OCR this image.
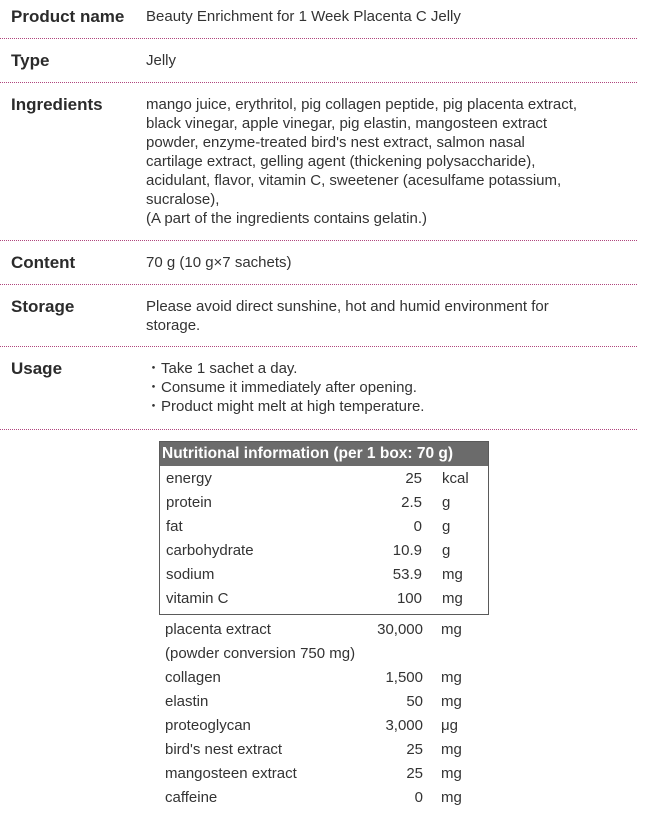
Product name	Beauty Enrichment for 1 Week Placenta C Jelly
Type	Jelly
Ingredients	mango juice, erythritol, pig collagen peptide, pig placenta extract,
black vinegar, apple vinegar, pig elastin, mangosteen extract
powder, enzyme-treated bird's nest extract, salmon nasal
cartilage extract, gelling agent (thickening polysaccharide),
acidulant, flavor, vitamin C, sweetener (acesulfame potassium,
sucralose),
(A part of the ingredients contains gelatin.)
Content	70 g (10 g×7 sachets)
Storage	Please avoid direct sunshine, hot and humid environment for
storage.
Usage
・	Take 1 sachet a day.
・ Consume it immediately after opening.
・ Product might melt at high temperature.
Nutritional information (per 1 box: 70 g)
energy	25 kcal
protein	2.5 g
fat	0 g
carbohydrate	10.9 g
sodium	53.9 mg
vitamin C	100 mg
placenta extract	30,000 mg
(powder conversion 750 mg)
collagen	1,500 mg
elastin	50 mg
proteoglycan	3,000 μg
bird's nest extract	25 mg
mangosteen extract	25 mg
caffeine	0 mg
